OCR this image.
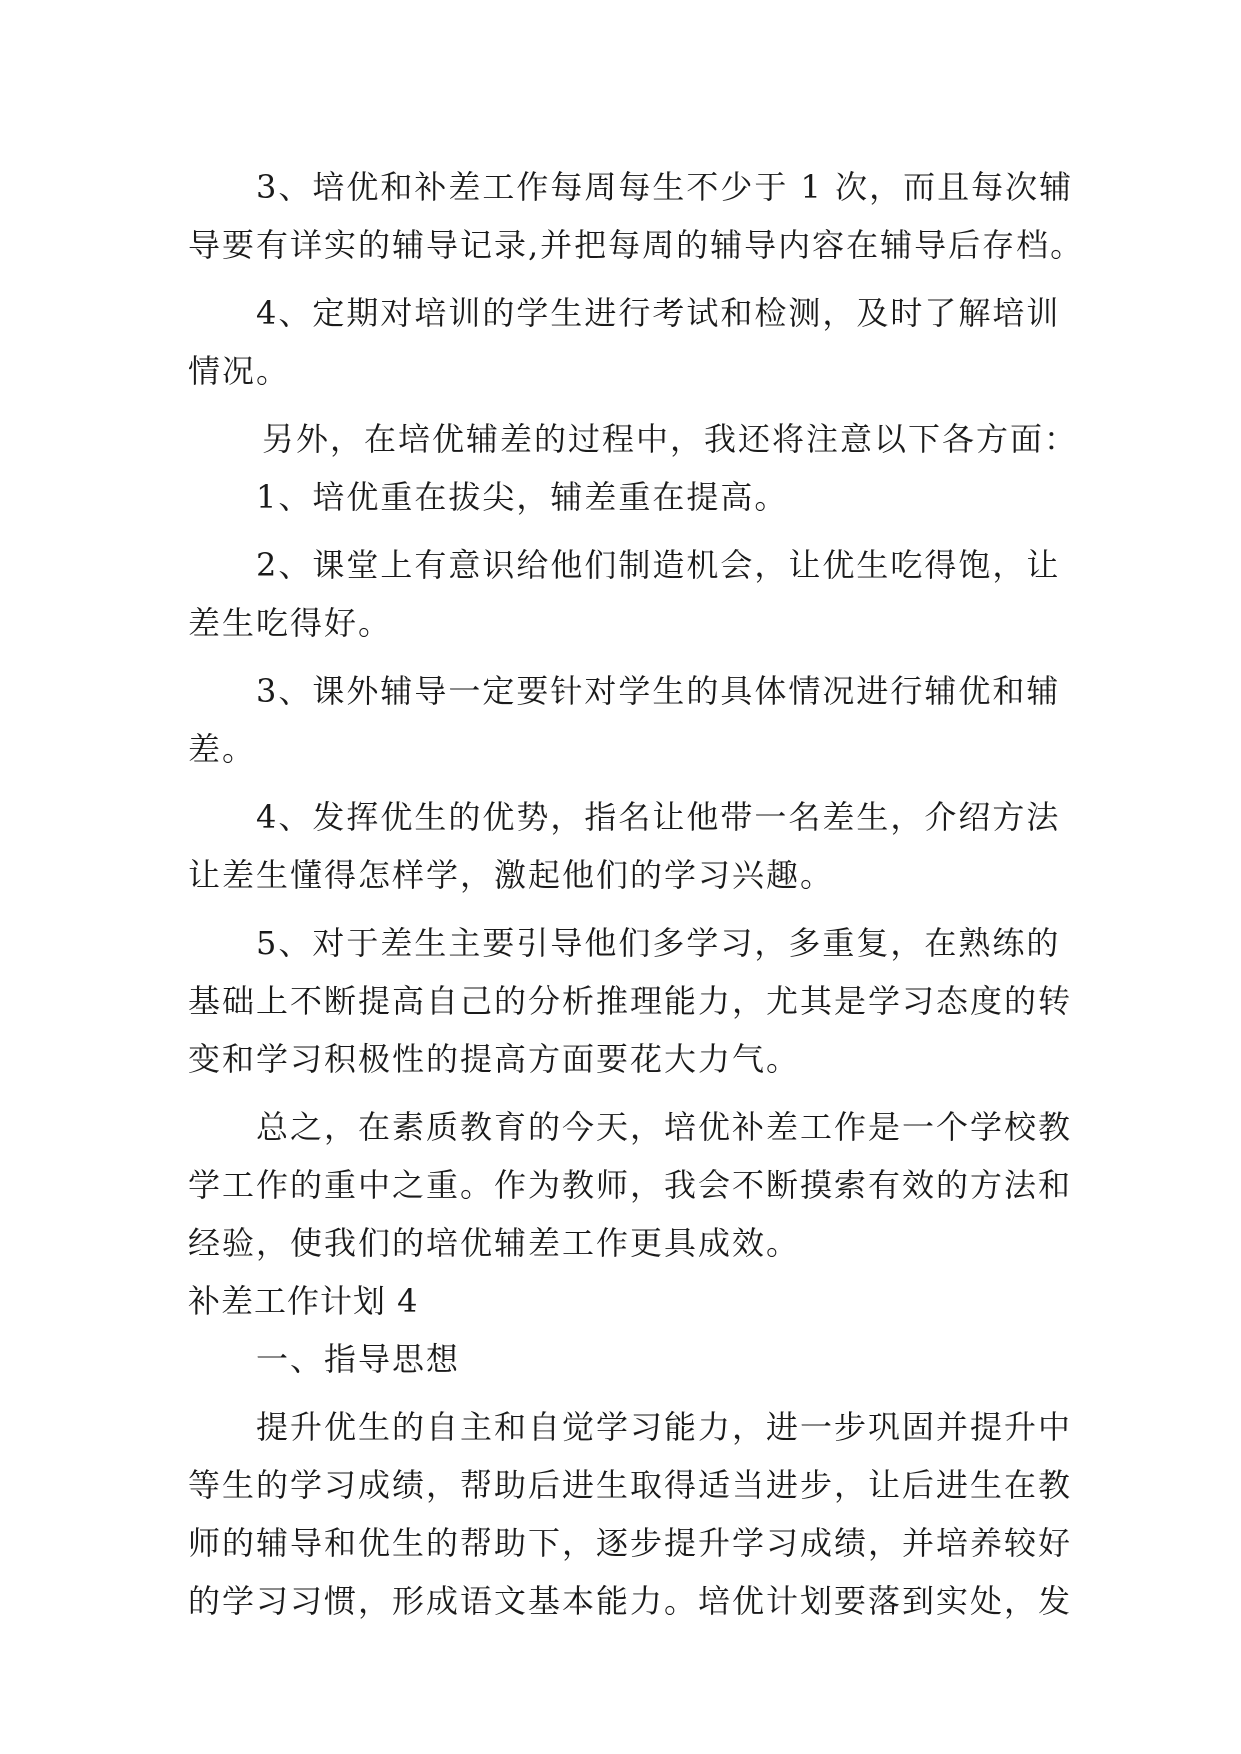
3、培优和补差工作每周每生不少于 1 次，而且每次辅
导要有详实的辅导记录,并把每周的辅导内容在辅导后存档。
4、定期对培训的学生进行考试和检测，及时了解培训
情况。
另外，在培优辅差的过程中，我还将注意以下各方面：
1、培优重在拔尖，辅差重在提高。
2、课堂上有意识给他们制造机会，让优生吃得饱，让
差生吃得好。
3、课外辅导一定要针对学生的具体情况进行辅优和辅
差。
4、发挥优生的优势，指名让他带一名差生，介绍方法
让差生懂得怎样学，激起他们的学习兴趣。
5、对于差生主要引导他们多学习，多重复，在熟练的
基础上不断提高自己的分析推理能力，尤其是学习态度的转
变和学习积极性的提高方面要花大力气。
总之，在素质教育的今天，培优补差工作是一个学校教
学工作的重中之重。作为教师，我会不断摸索有效的方法和
经验，使我们的培优辅差工作更具成效。
补差工作计划 4
一、指导思想
提升优生的自主和自觉学习能力，进一步巩固并提升中
等生的学习成绩，帮助后进生取得适当进步，让后进生在教
师的辅导和优生的帮助下，逐步提升学习成绩，并培养较好
的学习习惯，形成语文基本能力。培优计划要落到实处，发
